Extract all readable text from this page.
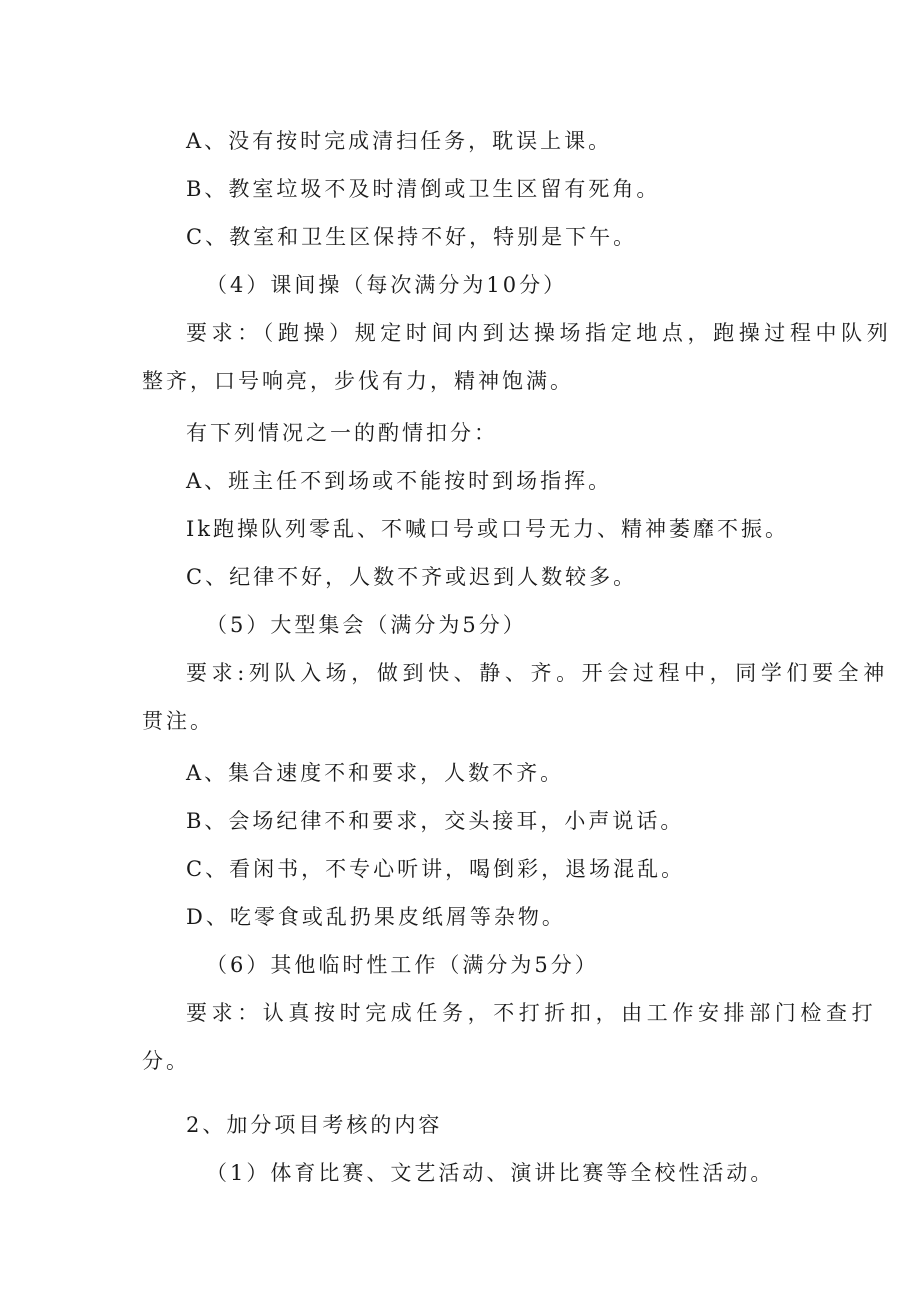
A、没有按时完成清扫任务，耽误上课。
B、教室垃圾不及时清倒或卫生区留有死角。
C、教室和卫生区保持不好，特别是下午。
（4）课间操（每次满分为10分）
要求：（跑操）规定时间内到达操场指定地点，跑操过程中队列
整齐，口号响亮，步伐有力，精神饱满。
有下列情况之一的酌情扣分：
A、班主任不到场或不能按时到场指挥。
Ik跑操队列零乱、不喊口号或口号无力、精神萎靡不振。
C、纪律不好，人数不齐或迟到人数较多。
（5）大型集会（满分为5分）
要求:列队入场，做到快、静、齐。开会过程中，同学们要全神
贯注。
A、集合速度不和要求，人数不齐。
B、会场纪律不和要求，交头接耳，小声说话。
C、看闲书，不专心听讲，喝倒彩，退场混乱。
D、吃零食或乱扔果皮纸屑等杂物。
（6）其他临时性工作（满分为5分）
要求：认真按时完成任务，不打折扣，由工作安排部门检查打
分。
2、加分项目考核的内容
（1）体育比赛、文艺活动、演讲比赛等全校性活动。
